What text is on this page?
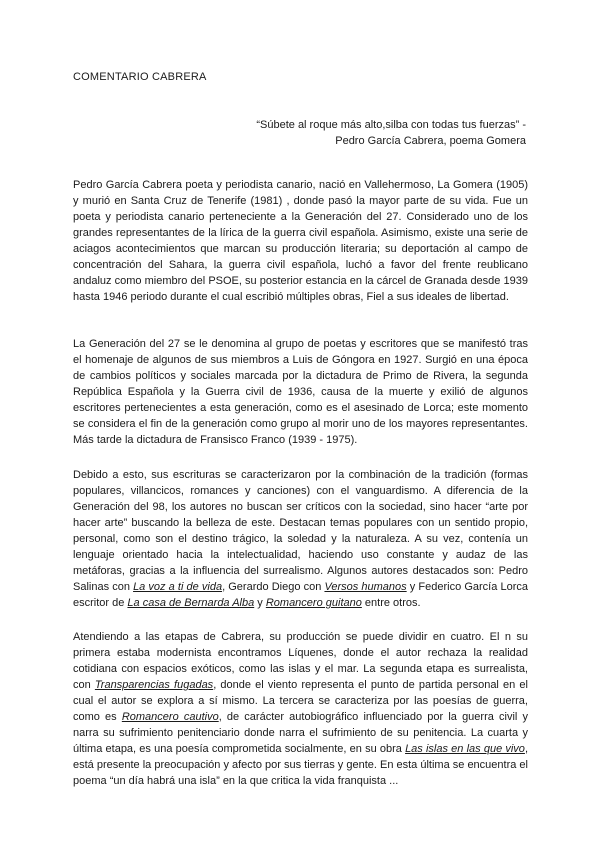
COMENTARIO CABRERA
“Súbete al roque más alto,silba con todas tus fuerzas” -
Pedro García Cabrera, poema Gomera

Pedro García Cabrera poeta y periodista canario, nació en Vallehermoso, La Gomera (1905) y murió en Santa Cruz de Tenerife (1981) , donde pasó la mayor parte de su vida. Fue un poeta y periodista canario perteneciente a la Generación del 27. Considerado uno de los grandes representantes de la lírica de la guerra civil española. Asimismo, existe una serie de aciagos acontecimientos que marcan su producción literaria; su deportación al campo de concentración del Sahara, la guerra civil española, luchó a favor del frente reublicano andaluz como miembro del PSOE, su posterior estancia en la cárcel de Granada desde 1939 hasta 1946 periodo durante el cual escribió múltiples obras, Fiel a sus ideales de libertad.

La Generación del 27 se le denomina al grupo de poetas y escritores que se manifestó tras el homenaje de algunos de sus miembros a Luis de Góngora en 1927. Surgió en una época de cambios políticos y sociales marcada por la dictadura de Primo de Rivera, la segunda República Española y la Guerra civil de 1936, causa de la muerte y exilió de algunos escritores pertenecientes a esta generación, como es el asesinado de Lorca; este momento se considera el fin de la generación como grupo al morir uno de los mayores representantes. Más tarde la dictadura de Fransisco Franco (1939 - 1975).

Debido a esto, sus escrituras se caracterizaron por la combinación de la tradición (formas populares, villancicos, romances y canciones) con el vanguardismo. A diferencia de la Generación del 98, los autores no buscan ser críticos con la sociedad, sino hacer “arte por hacer arte” buscando la belleza de este. Destacan temas populares con un sentido propio, personal, como son el destino trágico, la soledad y la naturaleza. A su vez, contenía un lenguaje orientado hacia la intelectualidad, haciendo uso constante y audaz de las metáforas, gracias a la influencia del surrealismo. Algunos autores destacados son: Pedro Salinas con La voz a ti de vida, Gerardo Diego con Versos humanos y Federico García Lorca escritor de La casa de Bernarda Alba y Romancero guitano entre otros.

Atendiendo a las etapas de Cabrera, su producción se puede dividir en cuatro. El n su primera estaba modernista encontramos Líquenes, donde el autor rechaza la realidad cotidiana con espacios exóticos, como las islas y el mar. La segunda etapa es surrealista, con Transparencias fugadas, donde el viento representa el punto de partida personal en el cual el autor se explora a sí mismo. La tercera se caracteriza por las poesías de guerra, como es Romancero cautivo, de carácter autobiográfico influenciado por la guerra civil y narra su sufrimiento penitenciario donde narra el sufrimiento de su penitencia. La cuarta y última etapa, es una poesía comprometida socialmente, en su obra Las islas en las que vivo, está presente la preocupación y afecto por sus tierras y gente. En esta última se encuentra el poema “un día habrá una isla” en la que critica la vida franquista ...
